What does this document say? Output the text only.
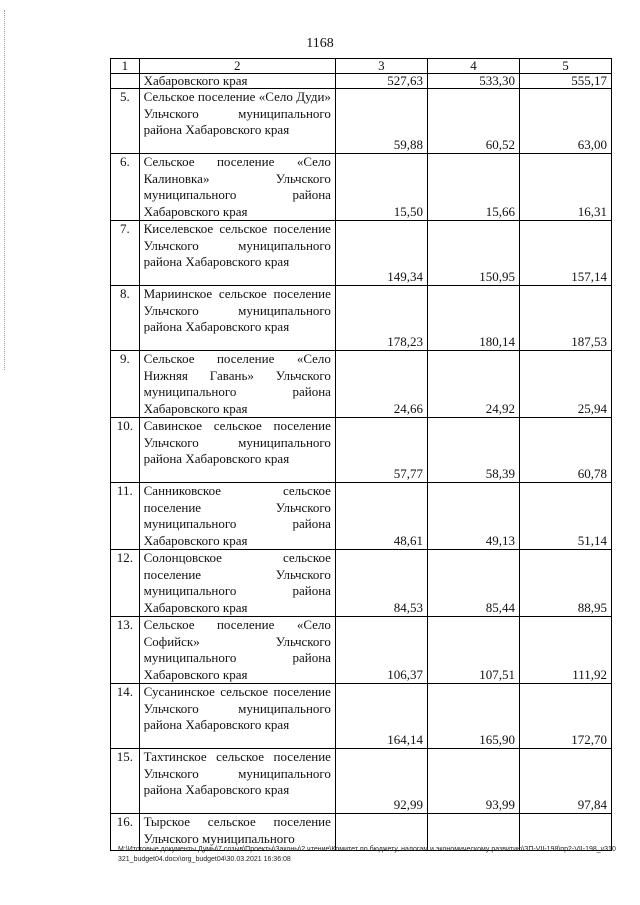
1168
1	2	3	4	5
	Хабаровского края	527,63	533,30	555,17
5.	Сельское поселение «Село Дуди» Ульчского муниципального района Хабаровского края	59,88	60,52	63,00
6.	Сельское поселение «Село Калиновка» Ульчского муниципального района Хабаровского края	15,50	15,66	16,31
7.	Киселевское сельское поселение Ульчского муниципального района Хабаровского края	149,34	150,95	157,14
8.	Мариинское сельское поселение Ульчского муниципального района Хабаровского края	178,23	180,14	187,53
9.	Сельское поселение «Село Нижняя Гавань» Ульчского муниципального района Хабаровского края	24,66	24,92	25,94
10.	Савинское сельское поселение Ульчского муниципального района Хабаровского края	57,77	58,39	60,78
11.	Санниковское сельское поселение Ульчского муниципального района Хабаровского края	48,61	49,13	51,14
12.	Солонцовское сельское поселение Ульчского муниципального района Хабаровского края	84,53	85,44	88,95
13.	Сельское поселение «Село Софийск» Ульчского муниципального района Хабаровского края	106,37	107,51	111,92
14.	Сусанинское сельское поселение Ульчского муниципального района Хабаровского края	164,14	165,90	172,70
15.	Тахтинское сельское поселение Ульчского муниципального района Хабаровского края	92,99	93,99	97,84
16.	Тырское сельское поселение Ульчского муниципального			
M:\Итоговые документы Думы\7 созыв\Проекты\Законы\2 чтение\Комитет по бюджету, налогам и экономическому развитию\ЗП-VII-198\пр2-VII-198_v310321_budget04.docx\org_budget04\30.03.2021 16:36:08
